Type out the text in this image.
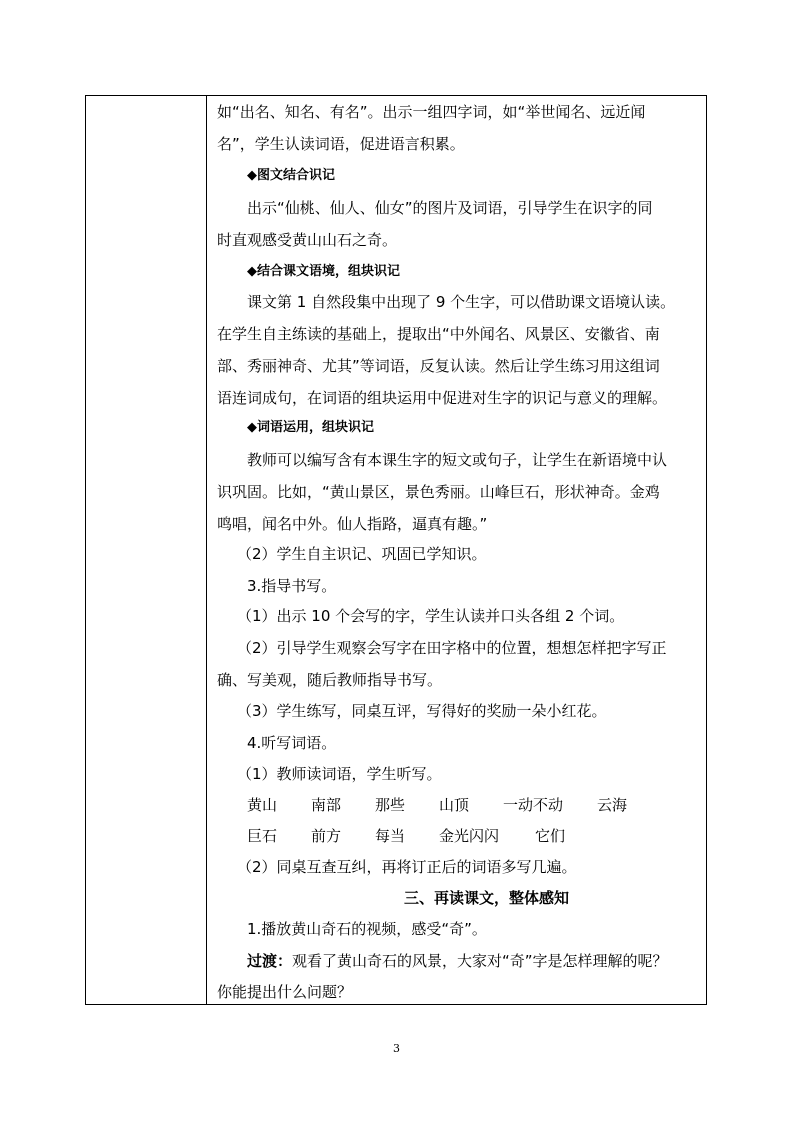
如“出名、知名、有名”。出示一组四字词，如“举世闻名、远近闻
名”，学生认读词语，促进语言积累。
◆图文结合识记
出示“仙桃、仙人、仙女”的图片及词语，引导学生在识字的同
时直观感受黄山山石之奇。
◆结合课文语境，组块识记
课文第 1 自然段集中出现了 9 个生字，可以借助课文语境认读。
在学生自主练读的基础上，提取出“中外闻名、风景区、安徽省、南
部、秀丽神奇、尤其”等词语，反复认读。然后让学生练习用这组词
语连词成句，在词语的组块运用中促进对生字的识记与意义的理解。
◆词语运用，组块识记
教师可以编写含有本课生字的短文或句子，让学生在新语境中认
识巩固。比如，“黄山景区，景色秀丽。山峰巨石，形状神奇。金鸡
鸣唱，闻名中外。仙人指路，逼真有趣。”
（2）学生自主识记、巩固已学知识。
3.指导书写。
（1）出示 10 个会写的字，学生认读并口头各组 2 个词。
（2）引导学生观察会写字在田字格中的位置，想想怎样把字写正
确、写美观，随后教师指导书写。
（3）学生练写，同桌互评，写得好的奖励一朵小红花。
4.听写词语。
（1）教师读词语，学生听写。
黄山 南部 那些 山顶 一动不动 云海
巨石 前方 每当 金光闪闪 它们
（2）同桌互查互纠，再将订正后的词语多写几遍。
三、再读课文，整体感知
1.播放黄山奇石的视频，感受“奇”。
过渡：观看了黄山奇石的风景，大家对“奇”字是怎样理解的呢？
你能提出什么问题？
3
